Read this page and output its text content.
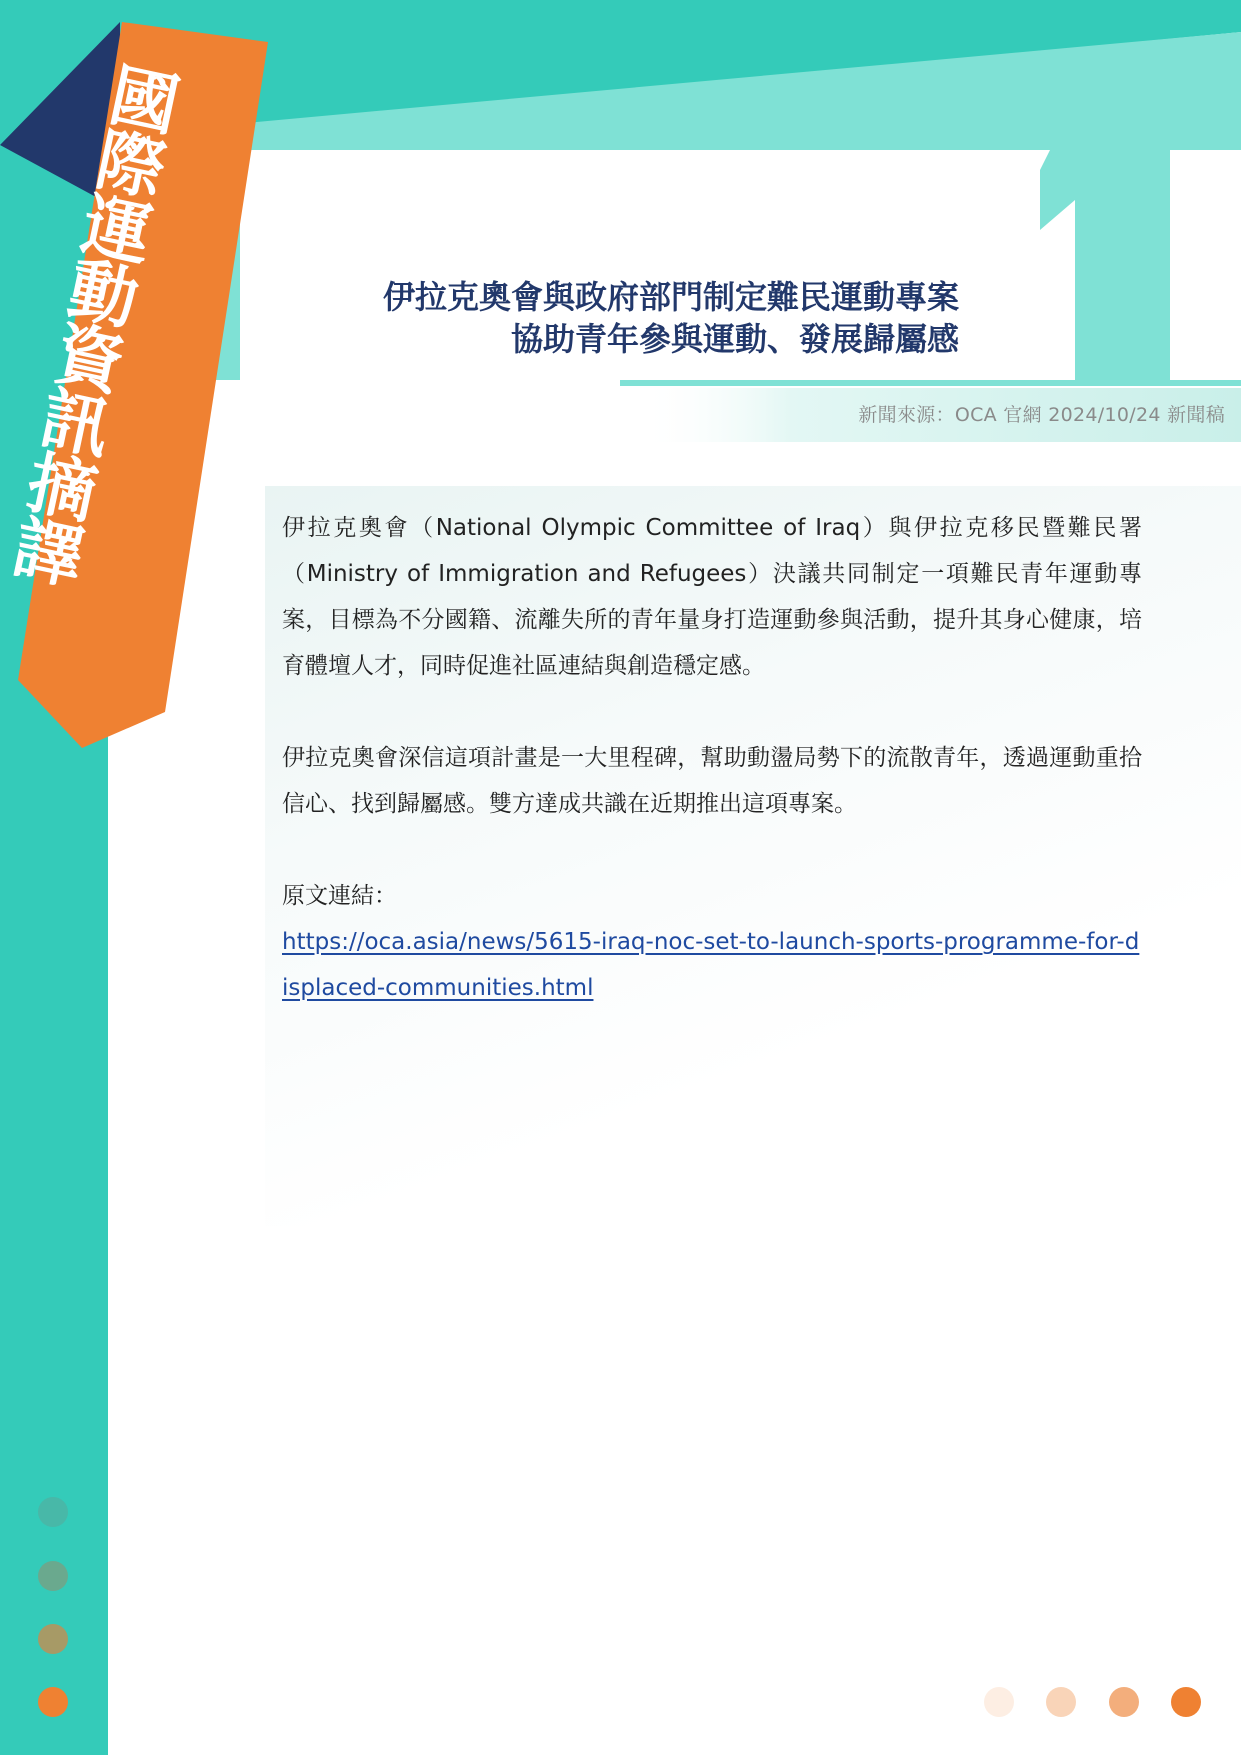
國
際
運
動
資
訊
摘
譯
伊拉克奧會與政府部門制定難民運動專案
協助青年參與運動、發展歸屬感
新聞來源：OCA 官網 2024/10/24 新聞稿

伊拉克奧會（National Olympic Committee of Iraq）與伊拉克移民暨難民署（Ministry of Immigration and Refugees）決議共同制定一項難民青年運動專案，目標為不分國籍、流離失所的青年量身打造運動參與活動，提升其身心健康，培育體壇人才，同時促進社區連結與創造穩定感。

伊拉克奧會深信這項計畫是一大里程碑，幫助動盪局勢下的流散青年，透過運動重拾信心、找到歸屬感。雙方達成共識在近期推出這項專案。

原文連結：
https://oca.asia/news/5615-iraq-noc-set-to-launch-sports-programme-for-displaced-communities.html
